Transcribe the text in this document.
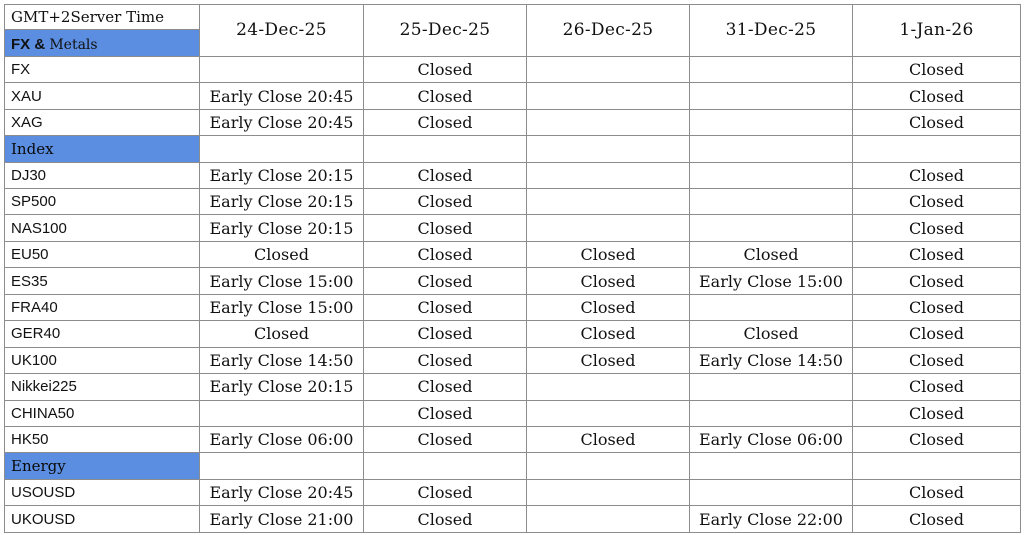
GMT+2Server Time	24-Dec-25	25-Dec-25	26-Dec-25	31-Dec-25	1-Jan-26
FX & Metals					
FX		Closed			Closed
XAU	Early Close 20:45	Closed			Closed
XAG	Early Close 20:45	Closed			Closed
Index					
DJ30	Early Close 20:15	Closed			Closed
SP500	Early Close 20:15	Closed			Closed
NAS100	Early Close 20:15	Closed			Closed
EU50	Closed	Closed	Closed	Closed	Closed
ES35	Early Close 15:00	Closed	Closed	Early Close 15:00	Closed
FRA40	Early Close 15:00	Closed	Closed		Closed
GER40	Closed	Closed	Closed	Closed	Closed
UK100	Early Close 14:50	Closed	Closed	Early Close 14:50	Closed
Nikkei225	Early Close 20:15	Closed			Closed
CHINA50		Closed			Closed
HK50	Early Close 06:00	Closed	Closed	Early Close 06:00	Closed
Energy					
USOUSD	Early Close 20:45	Closed			Closed
UKOUSD	Early Close 21:00	Closed		Early Close 22:00	Closed
